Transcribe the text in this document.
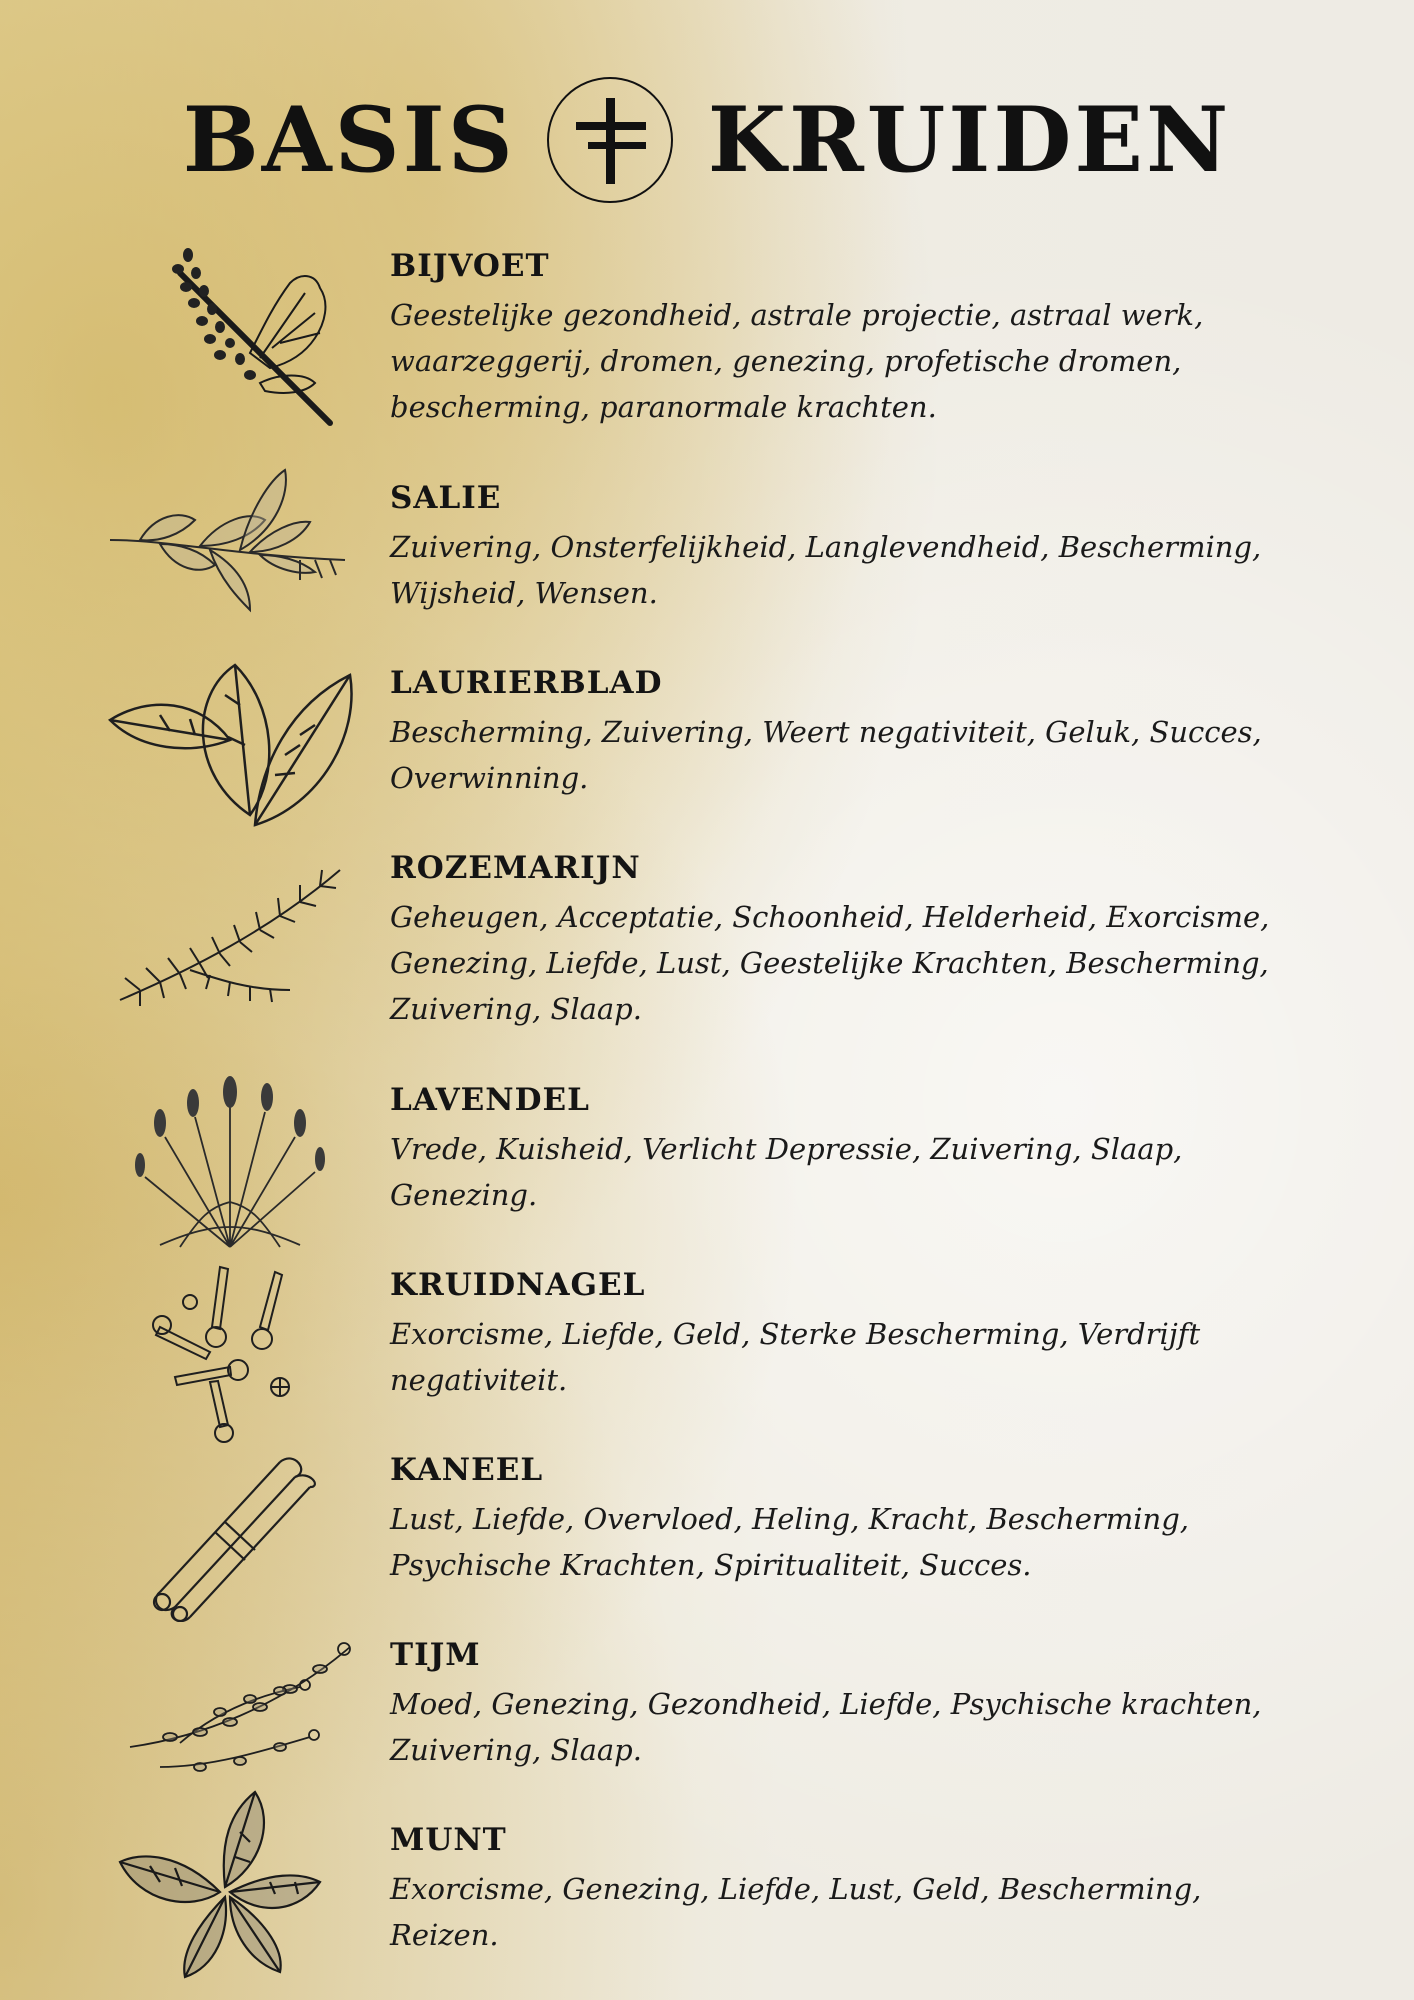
BASIS KRUIDEN
BIJVOET

Geestelijke gezondheid, astrale projectie, astraal werk, waarzeggerij, dromen, genezing, profetische dromen, bescherming, paranormale krachten.

SALIE

Zuivering, Onsterfelijkheid, Langlevendheid, Bescherming, Wijsheid, Wensen.

LAURIERBLAD

Bescherming, Zuivering, Weert negativiteit, Geluk, Succes, Overwinning.

ROZEMARIJN

Geheugen, Acceptatie, Schoonheid, Helderheid, Exorcisme, Genezing, Liefde, Lust, Geestelijke Krachten, Bescherming, Zuivering, Slaap.

LAVENDEL

Vrede, Kuisheid, Verlicht Depressie, Zuivering, Slaap, Genezing.

KRUIDNAGEL

Exorcisme, Liefde, Geld, Sterke Bescherming, Verdrijft negativiteit.

KANEEL

Lust, Liefde, Overvloed, Heling, Kracht, Bescherming, Psychische Krachten, Spiritualiteit, Succes.

TIJM

Moed, Genezing, Gezondheid, Liefde, Psychische krachten, Zuivering, Slaap.

MUNT

Exorcisme, Genezing, Liefde, Lust, Geld, Bescherming, Reizen.
